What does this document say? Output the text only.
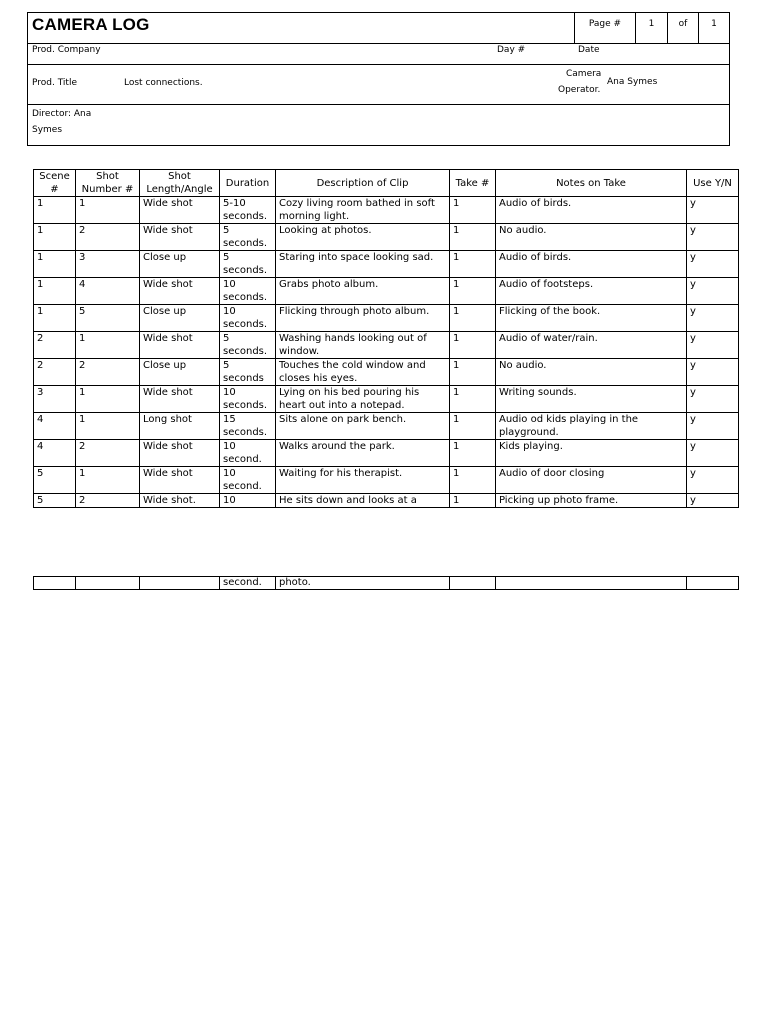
CAMERA LOG	Page #	1	of	1
Prod. Company	Day #	Date
Prod. Title	Lost connections.
Camera
Operator.
Ana Symes
Director: Ana
Symes
Scene #	Shot Number #	Shot Length/Angle	Duration	Description of Clip	Take #	Notes on Take	Use Y/N
1	1	Wide shot	5-10 seconds.	Cozy living room bathed in soft morning light.	1	Audio of birds.	y
1	2	Wide shot	5 seconds.	Looking at photos.	1	No audio.	y
1	3	Close up	5 seconds.	Staring into space looking sad.	1	Audio of birds.	y
1	4	Wide shot	10 seconds.	Grabs photo album.	1	Audio of footsteps.	y
1	5	Close up	10 seconds.	Flicking through photo album.	1	Flicking of the book.	y
2	1	Wide shot	5 seconds.	Washing hands looking out of window.	1	Audio of water/rain.	y
2	2	Close up	5 seconds	Touches the cold window and closes his eyes.	1	No audio.	y
3	1	Wide shot	10 seconds.	Lying on his bed pouring his heart out into a notepad.	1	Writing sounds.	y
4	1	Long shot	15 seconds.	Sits alone on park bench.	1	Audio od kids playing in the playground.	y
4	2	Wide shot	10 second.	Walks around the park.	1	Kids playing.	y
5	1	Wide shot	10 second.	Waiting for his therapist.	1	Audio of door closing	y
5	2	Wide shot.	10	He sits down and looks at a	1	Picking up photo frame.	y
			second.	photo.			
